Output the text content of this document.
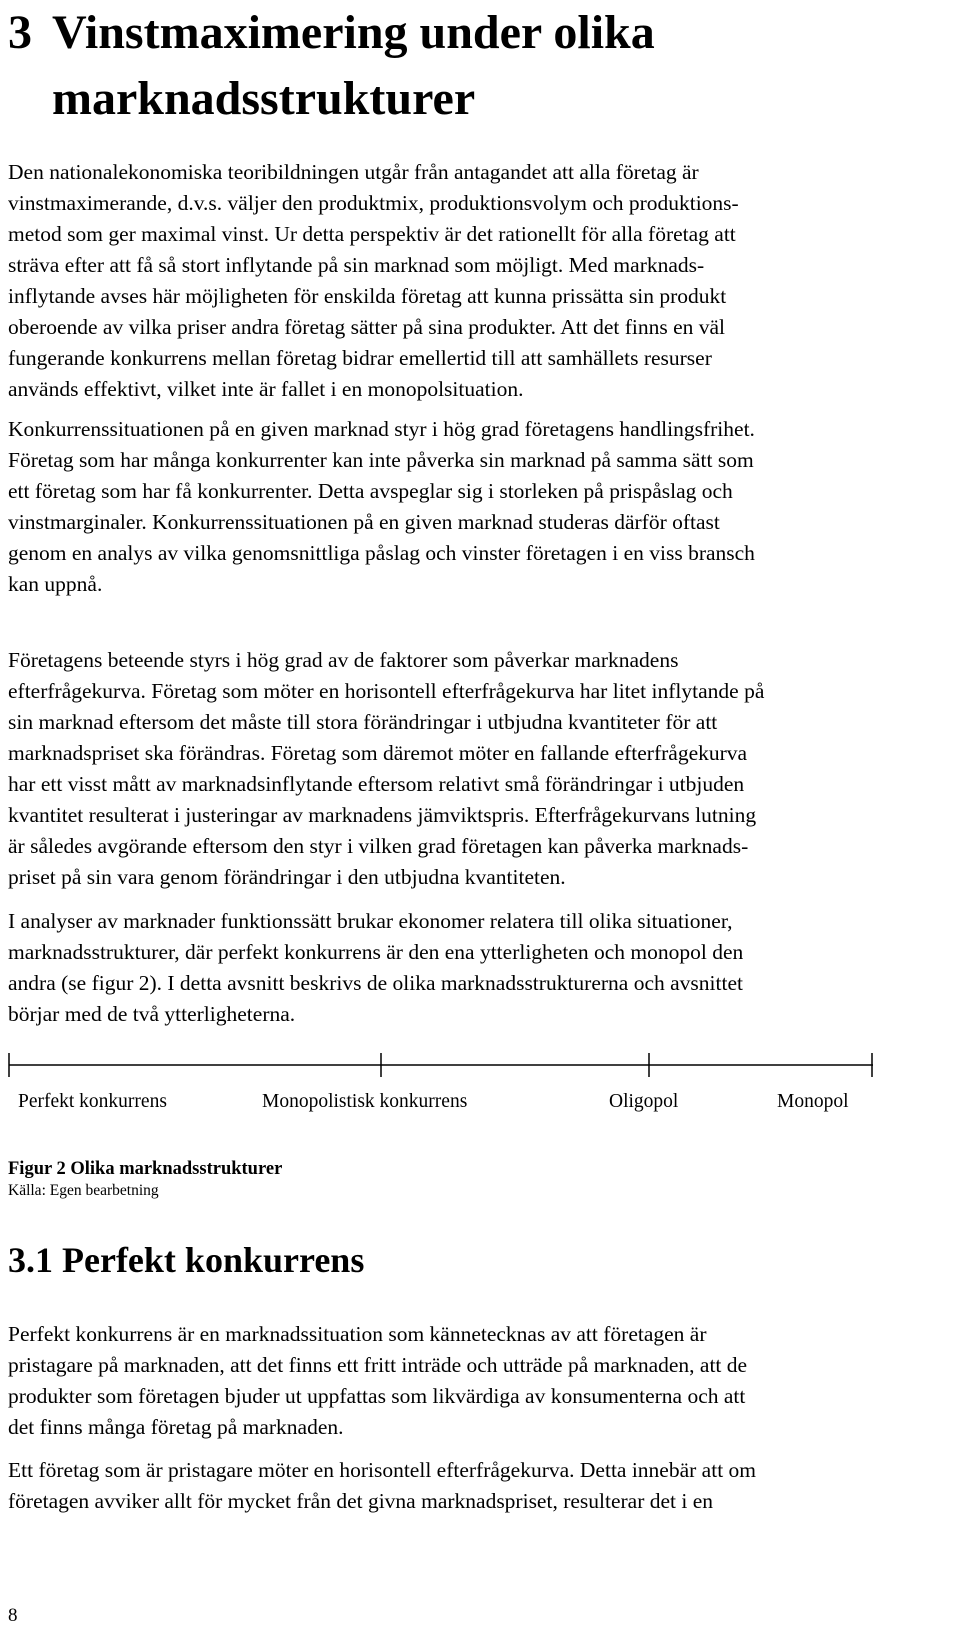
3 Vinstmaximering under olika
marknadsstrukturer

Den nationalekonomiska teoribildningen utgår från antagandet att alla företag är
vinstmaximerande, d.v.s. väljer den produktmix, produktionsvolym och produktions-
metod som ger maximal vinst. Ur detta perspektiv är det rationellt för alla företag att
sträva efter att få så stort inflytande på sin marknad som möjligt. Med marknads-
inflytande avses här möjligheten för enskilda företag att kunna prissätta sin produkt
oberoende av vilka priser andra företag sätter på sina produkter. Att det finns en väl
fungerande konkurrens mellan företag bidrar emellertid till att samhällets resurser
används effektivt, vilket inte är fallet i en monopolsituation.

Konkurrenssituationen på en given marknad styr i hög grad företagens handlingsfrihet.
Företag som har många konkurrenter kan inte påverka sin marknad på samma sätt som
ett företag som har få konkurrenter. Detta avspeglar sig i storleken på prispåslag och
vinstmarginaler. Konkurrenssituationen på en given marknad studeras därför oftast
genom en analys av vilka genomsnittliga påslag och vinster företagen i en viss bransch
kan uppnå.

Företagens beteende styrs i hög grad av de faktorer som påverkar marknadens
efterfrågekurva. Företag som möter en horisontell efterfrågekurva har litet inflytande på
sin marknad eftersom det måste till stora förändringar i utbjudna kvantiteter för att
marknadspriset ska förändras. Företag som däremot möter en fallande efterfrågekurva
har ett visst mått av marknadsinflytande eftersom relativt små förändringar i utbjuden
kvantitet resulterat i justeringar av marknadens jämviktspris. Efterfrågekurvans lutning
är således avgörande eftersom den styr i vilken grad företagen kan påverka marknads-
priset på sin vara genom förändringar i den utbjudna kvantiteten.

I analyser av marknader funktionssätt brukar ekonomer relatera till olika situationer,
marknadsstrukturer, där perfekt konkurrens är den ena ytterligheten och monopol den
andra (se figur 2). I detta avsnitt beskrivs de olika marknadsstrukturerna och avsnittet
börjar med de två ytterligheterna.

Perfekt konkurrens	Monopolistisk konkurrens	Oligopol	Monopol
Figur 2 Olika marknadsstrukturer
Källa: Egen bearbetning
3.1 Perfekt konkurrens

Perfekt konkurrens är en marknadssituation som kännetecknas av att företagen är
pristagare på marknaden, att det finns ett fritt inträde och utträde på marknaden, att de
produkter som företagen bjuder ut uppfattas som likvärdiga av konsumenterna och att
det finns många företag på marknaden.

Ett företag som är pristagare möter en horisontell efterfrågekurva. Detta innebär att om
företagen avviker allt för mycket från det givna marknadspriset, resulterar det i en

8
